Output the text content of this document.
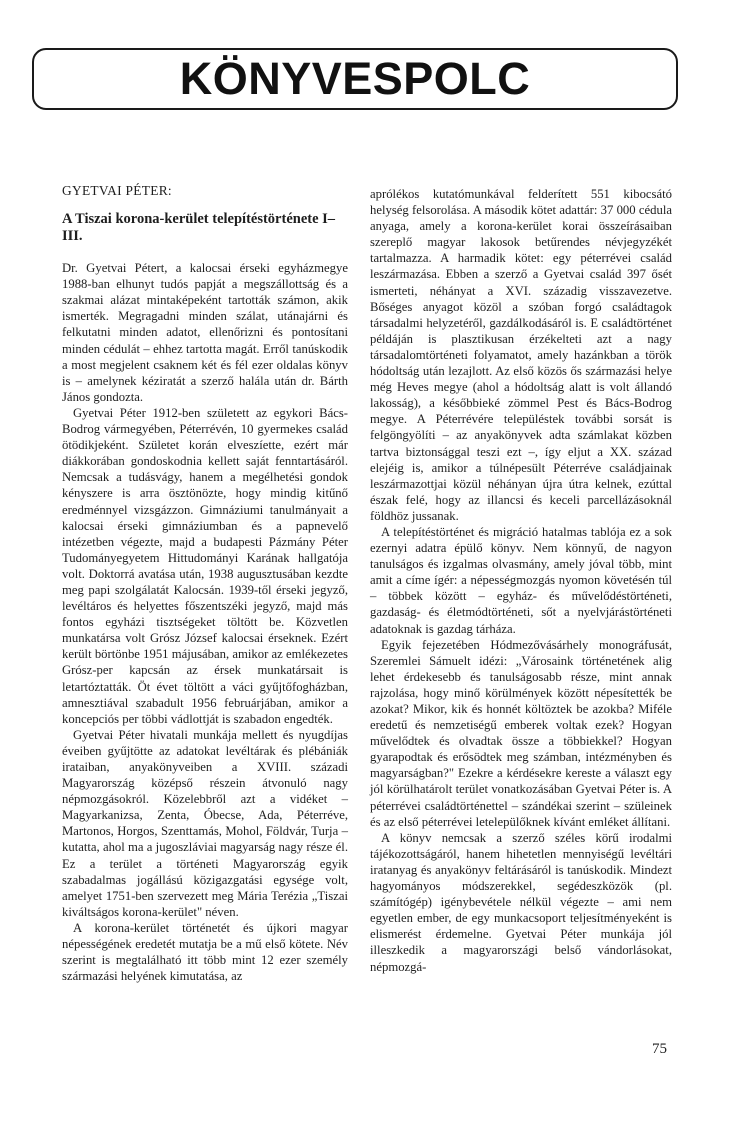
KÖNYVESPOLC
GYETVAI PÉTER:
A Tiszai korona-kerület telepítéstörténete I–III.

Dr. Gyetvai Pétert, a kalocsai érseki egyházmegye 1988-ban elhunyt tudós papját a megszállottság és a szakmai alázat mintaképeként tartották számon, akik ismerték. Megragadni minden szálat, utánajárni és felkutatni minden adatot, ellenőrizni és pontosítani minden cédulát – ehhez tartotta magát. Erről tanúskodik a most megjelent csaknem két és fél ezer oldalas könyv is – amelynek kéziratát a szerző halála után dr. Bárth János gondozta.

Gyetvai Péter 1912-ben született az egykori Bács-Bodrog vármegyében, Péterrévén, 10 gyermekes család ötödikjeként. Születet korán elveszíette, ezért már diákkorában gondoskodnia kellett saját fenntartásáról. Nemcsak a tudásvágy, hanem a megélhetési gondok kényszere is arra ösztönözte, hogy mindig kitűnő eredménnyel vizsgázzon. Gimnáziumi tanulmányait a kalocsai érseki gimnáziumban és a papnevelő intézetben végezte, majd a budapesti Pázmány Péter Tudományegyetem Hittudományi Karának hallgatója volt. Doktorrá avatása után, 1938 augusztusában kezdte meg papi szolgálatát Kalocsán. 1939-től érseki jegyző, levéltáros és helyettes főszentszéki jegyző, majd más fontos egyházi tisztségeket töltött be. Közvetlen munkatársa volt Grósz József kalocsai érseknek. Ezért került börtönbe 1951 májusában, amikor az emlékezetes Grósz-per kapcsán az érsek munkatársait is letartóztatták. Öt évet töltött a váci gyűjtőfogházban, amnesztiával szabadult 1956 februárjában, amikor a koncepciós per többi vádlottját is szabadon engedték.

Gyetvai Péter hivatali munkája mellett és nyugdíjas éveiben gyűjtötte az adatokat levéltárak és plébániák irataiban, anyakönyveiben a XVIII. századi Magyarország középső részein átvonuló nagy népmozgásokról. Közelebbről azt a vidéket – Magyarkanizsa, Zenta, Óbecse, Ada, Péterréve, Martonos, Horgos, Szenttamás, Mohol, Földvár, Turja – kutatta, ahol ma a jugoszláviai magyarság nagy része él. Ez a terület a történeti Magyarország egyik szabadalmas jogállású közigazgatási egysége volt, amelyet 1751-ben szervezett meg Mária Terézia „Tiszai kiváltságos korona-kerület" néven.

A korona-kerület történetét és újkori magyar népességének eredetét mutatja be a mű első kötete. Név szerint is megtalálható itt több mint 12 ezer személy származási helyének kimutatása, az

aprólékos kutatómunkával felderített 551 kibocsátó helység felsorolása. A második kötet adattár: 37 000 cédula anyaga, amely a korona-kerület korai összeírásaiban szereplő magyar lakosok betűrendes névjegyzékét tartalmazza. A harmadik kötet: egy péterrévei család leszármazása. Ebben a szerző a Gyetvai család 397 ősét ismerteti, néhányat a XVI. századig visszavezetve. Bőséges anyagot közöl a szóban forgó családtagok társadalmi helyzetéről, gazdálkodásáról is. E családtörténet példáján is plasztikusan érzékelteti azt a nagy társadalomtörténeti folyamatot, amely hazánkban a török hódoltság után lezajlott. Az első közös ős származási helye még Heves megye (ahol a hódoltság alatt is volt állandó lakosság), a későbbieké zömmel Pest és Bács-Bodrog megye. A Péterrévére településtek további sorsát is felgöngyölíti – az anyakönyvek adta számlakat közben tartva biztonsággal teszi ezt –, így eljut a XX. század elejéig is, amikor a túlnépesült Péterréve családjainak leszármazottjai közül néhányan újra útra kelnek, ezúttal észak felé, hogy az illancsi és keceli parcellázásoknál földhöz jussanak.

A telepítéstörténet és migráció hatalmas tablója ez a sok ezernyi adatra épülő könyv. Nem könnyű, de nagyon tanulságos és izgalmas olvasmány, amely jóval több, mint amit a címe ígér: a népességmozgás nyomon követésén túl – többek között – egyház- és művelődéstörténeti, gazdaság- és életmódtörténeti, sőt a nyelvjárástörténeti adatoknak is gazdag tárháza.

Egyik fejezetében Hódmezővásárhely monográfusát, Szeremlei Sámuelt idézi: „Városaink történetének alig lehet érdekesebb és tanulságosabb része, mint annak rajzolása, hogy minő körülmények között népesítették be azokat? Mikor, kik és honnét költöztek be azokba? Miféle eredetű és nemzetiségű emberek voltak ezek? Hogyan művelődtek és olvadtak össze a többiekkel? Hogyan gyarapodtak és erősödtek meg számban, intézményben és magyarságban?" Ezekre a kérdésekre kereste a választ egy jól körülhatárolt terület vonatkozásában Gyetvai Péter is. A péterrévei családtörténettel – szándékai szerint – szüleinek és az első péterrévei letelepülőknek kívánt emléket állítani.

A könyv nemcsak a szerző széles körű irodalmi tájékozottságáról, hanem hihetetlen mennyiségű levéltári iratanyag és anyakönyv feltárásáról is tanúskodik. Mindezt hagyományos módszerekkel, segédeszközök (pl. számítógép) igénybevétele nélkül végezte – ami nem egyetlen ember, de egy munkacsoport teljesítményeként is elismerést érdemelne. Gyetvai Péter munkája jól illeszkedik a magyarországi belső vándorlásokat, népmozgá-

75
